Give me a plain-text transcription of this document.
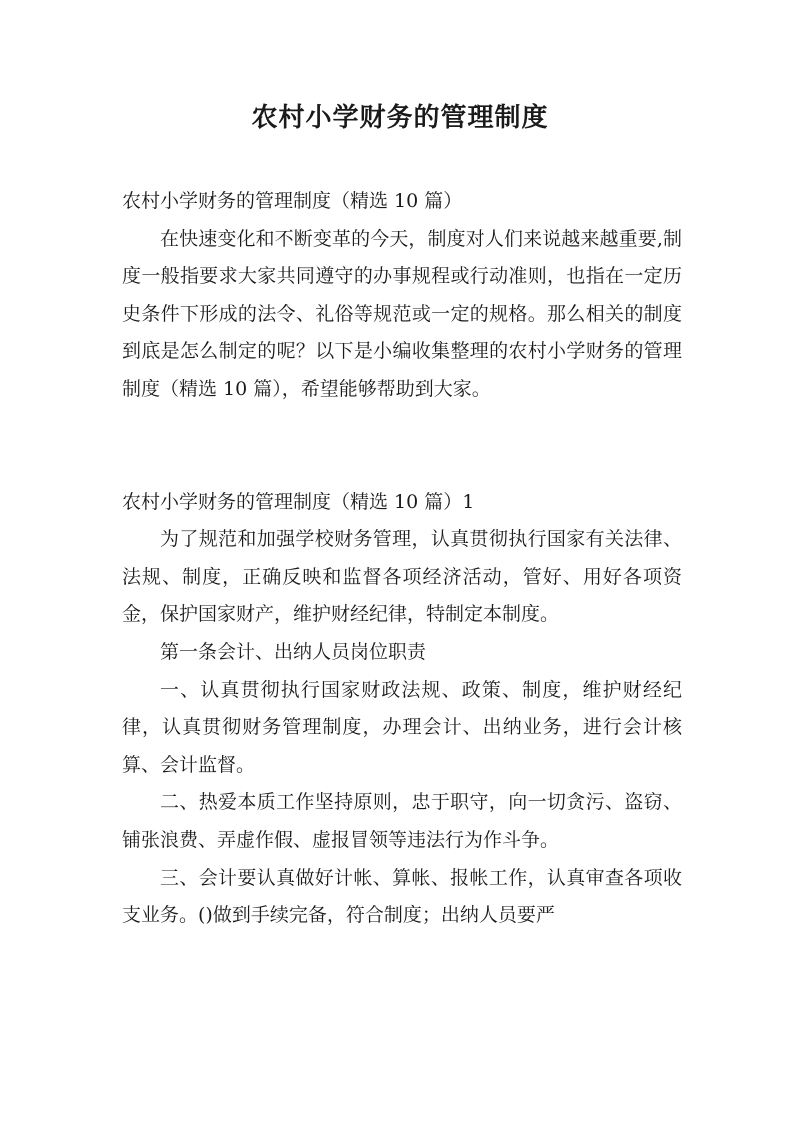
农村小学财务的管理制度

农村小学财务的管理制度（精选 10 篇）

在快速变化和不断变革的今天，制度对人们来说越来越重要,制度一般指要求大家共同遵守的办事规程或行动准则，也指在一定历史条件下形成的法令、礼俗等规范或一定的规格。那么相关的制度到底是怎么制定的呢？以下是小编收集整理的农村小学财务的管理制度（精选 10 篇），希望能够帮助到大家。

农村小学财务的管理制度（精选 10 篇）1

为了规范和加强学校财务管理，认真贯彻执行国家有关法律、法规、制度，正确反映和监督各项经济活动，管好、用好各项资金，保护国家财产，维护财经纪律，特制定本制度。

第一条会计、出纳人员岗位职责

一、认真贯彻执行国家财政法规、政策、制度，维护财经纪律，认真贯彻财务管理制度，办理会计、出纳业务，进行会计核算、会计监督。

二、热爱本质工作坚持原则，忠于职守，向一切贪污、盗窃、铺张浪费、弄虚作假、虚报冒领等违法行为作斗争。

三、会计要认真做好计帐、算帐、报帐工作，认真审查各项收支业务。()做到手续完备，符合制度；出纳人员要严
